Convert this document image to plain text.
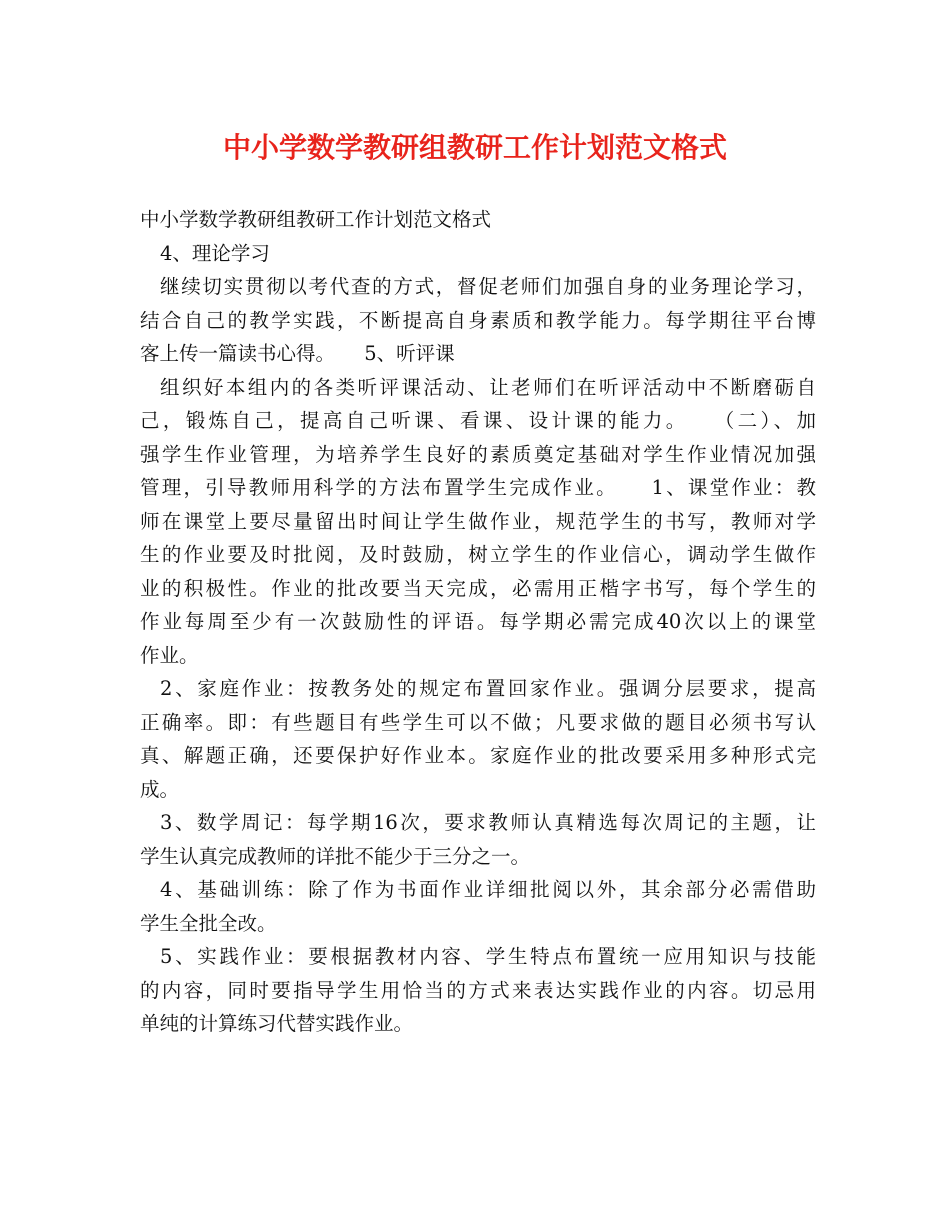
中小学数学教研组教研工作计划范文格式
中小学数学教研组教研工作计划范文格式
4、理论学习
继续切实贯彻以考代查的方式，督促老师们加强自身的业务理论学习，
结合自己的教学实践，不断提高自身素质和教学能力。每学期往平台博
客上传一篇读书心得。　　5、听评课
组织好本组内的各类听评课活动、让老师们在听评活动中不断磨砺自
己，锻炼自己，提高自己听课、看课、设计课的能力。　　（二）、加
强学生作业管理，为培养学生良好的素质奠定基础对学生作业情况加强
管理，引导教师用科学的方法布置学生完成作业。　　1、课堂作业：教
师在课堂上要尽量留出时间让学生做作业，规范学生的书写，教师对学
生的作业要及时批阅，及时鼓励，树立学生的作业信心，调动学生做作
业的积极性。作业的批改要当天完成，必需用正楷字书写，每个学生的
作业每周至少有一次鼓励性的评语。每学期必需完成40次以上的课堂
作业。
2、家庭作业：按教务处的规定布置回家作业。强调分层要求，提高
正确率。即：有些题目有些学生可以不做；凡要求做的题目必须书写认
真、解题正确，还要保护好作业本。家庭作业的批改要采用多种形式完
成。
3、数学周记：每学期16次，要求教师认真精选每次周记的主题，让
学生认真完成教师的详批不能少于三分之一。
4、基础训练：除了作为书面作业详细批阅以外，其余部分必需借助
学生全批全改。
5、实践作业：要根据教材内容、学生特点布置统一应用知识与技能
的内容，同时要指导学生用恰当的方式来表达实践作业的内容。切忌用
单纯的计算练习代替实践作业。
